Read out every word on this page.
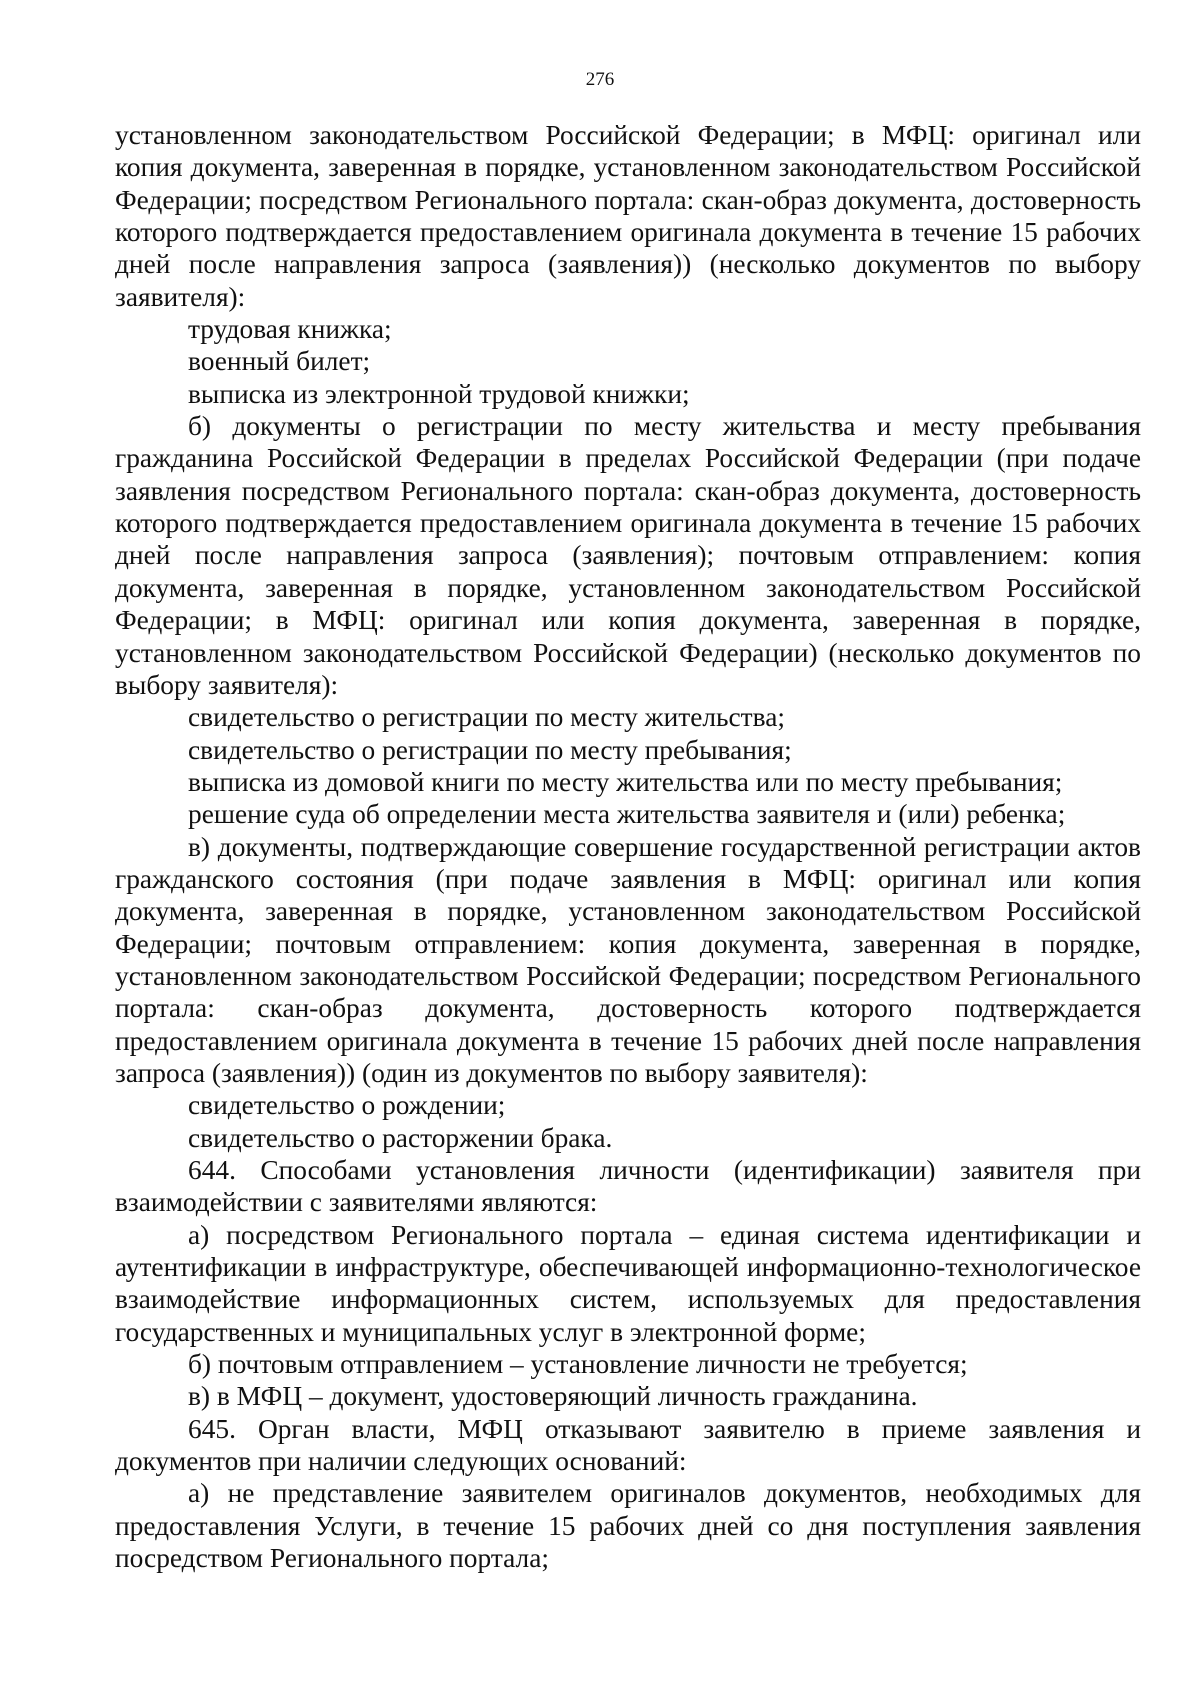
276

установленном законодательством Российской Федерации; в МФЦ: оригинал или копия документа, заверенная в порядке, установленном законодательством Российской Федерации; посредством Регионального портала: скан-образ документа, достоверность которого подтверждается предоставлением оригинала документа в течение 15 рабочих дней после направления запроса (заявления)) (несколько документов по выбору заявителя):

трудовая книжка;

военный билет;

выписка из электронной трудовой книжки;

б) документы о регистрации по месту жительства и месту пребывания гражданина Российской Федерации в пределах Российской Федерации (при подаче заявления посредством Регионального портала: скан-образ документа, достоверность которого подтверждается предоставлением оригинала документа в течение 15 рабочих дней после направления запроса (заявления); почтовым отправлением: копия документа, заверенная в порядке, установленном законодательством Российской Федерации; в МФЦ: оригинал или копия документа, заверенная в порядке, установленном законодательством Российской Федерации) (несколько документов по выбору заявителя):

свидетельство о регистрации по месту жительства;

свидетельство о регистрации по месту пребывания;

выписка из домовой книги по месту жительства или по месту пребывания;

решение суда об определении места жительства заявителя и (или) ребенка;

в) документы, подтверждающие совершение государственной регистрации актов гражданского состояния (при подаче заявления в МФЦ: оригинал или копия документа, заверенная в порядке, установленном законодательством Российской Федерации; почтовым отправлением: копия документа, заверенная в порядке, установленном законодательством Российской Федерации; посредством Регионального портала: скан-образ документа, достоверность которого подтверждается предоставлением оригинала документа в течение 15 рабочих дней после направления запроса (заявления)) (один из документов по выбору заявителя):

свидетельство о рождении;

свидетельство о расторжении брака.

644. Способами установления личности (идентификации) заявителя при взаимодействии с заявителями являются:

а) посредством Регионального портала – единая система идентификации и аутентификации в инфраструктуре, обеспечивающей информационно-технологическое взаимодействие информационных систем, используемых для предоставления государственных и муниципальных услуг в электронной форме;

б) почтовым отправлением – установление личности не требуется;

в) в МФЦ – документ, удостоверяющий личность гражданина.

645. Орган власти, МФЦ отказывают заявителю в приеме заявления и документов при наличии следующих оснований:

а) не представление заявителем оригиналов документов, необходимых для предоставления Услуги, в течение 15 рабочих дней со дня поступления заявления посредством Регионального портала;
